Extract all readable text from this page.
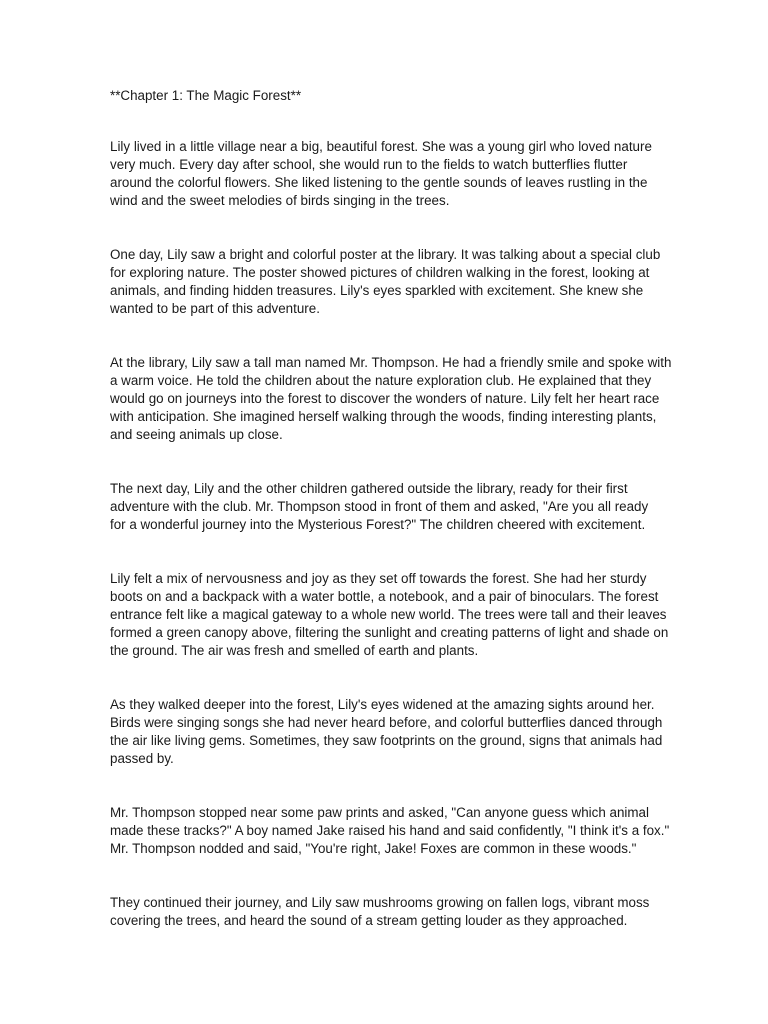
**Chapter 1: The Magic Forest**
Lily lived in a little village near a big, beautiful forest. She was a young girl who loved nature
very much. Every day after school, she would run to the fields to watch butterflies flutter
around the colorful flowers. She liked listening to the gentle sounds of leaves rustling in the
wind and the sweet melodies of birds singing in the trees.
One day, Lily saw a bright and colorful poster at the library. It was talking about a special club
for exploring nature. The poster showed pictures of children walking in the forest, looking at
animals, and finding hidden treasures. Lily's eyes sparkled with excitement. She knew she
wanted to be part of this adventure.
At the library, Lily saw a tall man named Mr. Thompson. He had a friendly smile and spoke with
a warm voice. He told the children about the nature exploration club. He explained that they
would go on journeys into the forest to discover the wonders of nature. Lily felt her heart race
with anticipation. She imagined herself walking through the woods, finding interesting plants,
and seeing animals up close.
The next day, Lily and the other children gathered outside the library, ready for their first
adventure with the club. Mr. Thompson stood in front of them and asked, "Are you all ready
for a wonderful journey into the Mysterious Forest?" The children cheered with excitement.
Lily felt a mix of nervousness and joy as they set off towards the forest. She had her sturdy
boots on and a backpack with a water bottle, a notebook, and a pair of binoculars. The forest
entrance felt like a magical gateway to a whole new world. The trees were tall and their leaves
formed a green canopy above, filtering the sunlight and creating patterns of light and shade on
the ground. The air was fresh and smelled of earth and plants.
As they walked deeper into the forest, Lily's eyes widened at the amazing sights around her.
Birds were singing songs she had never heard before, and colorful butterflies danced through
the air like living gems. Sometimes, they saw footprints on the ground, signs that animals had
passed by.
Mr. Thompson stopped near some paw prints and asked, "Can anyone guess which animal
made these tracks?" A boy named Jake raised his hand and said confidently, "I think it's a fox."
Mr. Thompson nodded and said, "You're right, Jake! Foxes are common in these woods."
They continued their journey, and Lily saw mushrooms growing on fallen logs, vibrant moss
covering the trees, and heard the sound of a stream getting louder as they approached.
